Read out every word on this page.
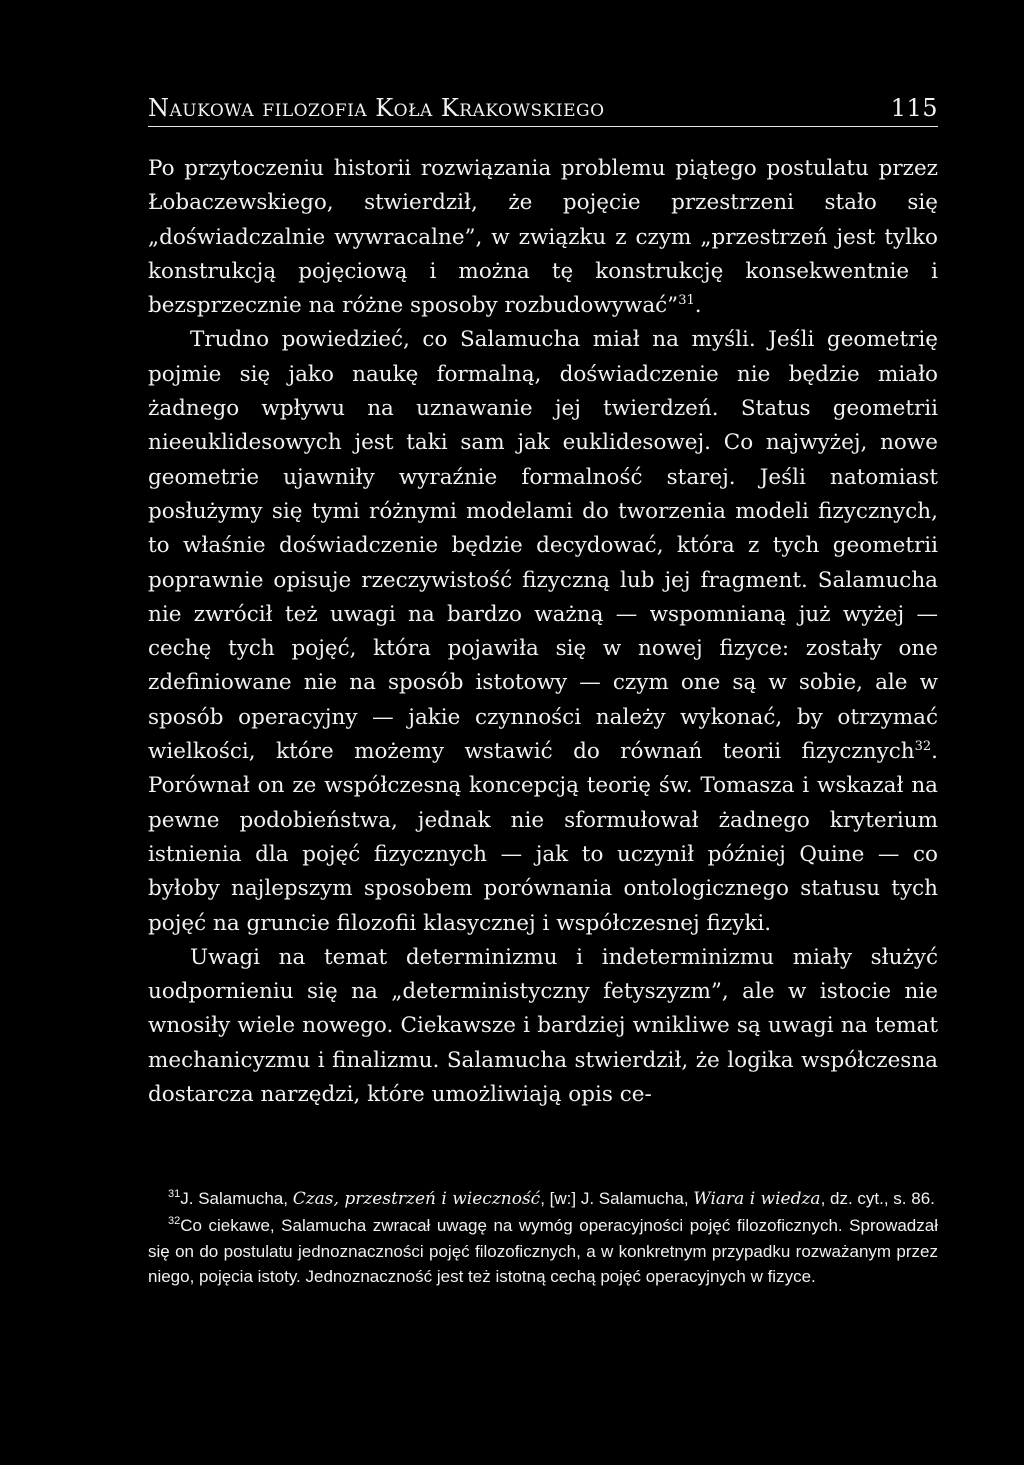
Naukowa filozofia Koła Krakowskiego	115

Po przytoczeniu historii rozwiązania problemu piątego postulatu przez Łobaczewskiego, stwierdził, że pojęcie przestrzeni stało się „doświadczalnie wywracalne”, w związku z czym „przestrzeń jest tylko konstrukcją pojęciową i można tę konstrukcję konsekwentnie i bezsprzecznie na różne sposoby rozbudowywać”$^{31}$.

Trudno powiedzieć, co Salamucha miał na myśli. Jeśli geometrię pojmie się jako naukę formalną, doświadczenie nie będzie miało żadnego wpływu na uznawanie jej twierdzeń. Status geometrii nieeuklidesowych jest taki sam jak euklidesowej. Co najwyżej, nowe geometrie ujawniły wyraźnie formalność starej. Jeśli natomiast posłużymy się tymi różnymi modelami do tworzenia modeli fizycznych, to właśnie doświadczenie będzie decydować, która z tych geometrii poprawnie opisuje rzeczywistość fizyczną lub jej fragment. Salamucha nie zwrócił też uwagi na bardzo ważną — wspomnianą już wyżej — cechę tych pojęć, która pojawiła się w nowej fizyce: zostały one zdefiniowane nie na sposób istotowy — czym one są w sobie, ale w sposób operacyjny — jakie czynności należy wykonać, by otrzymać wielkości, które możemy wstawić do równań teorii fizycznych$^{32}$. Porównał on ze współczesną koncepcją teorię św. Tomasza i wskazał na pewne podobieństwa, jednak nie sformułował żadnego kryterium istnienia dla pojęć fizycznych — jak to uczynił później Quine — co byłoby najlepszym sposobem porównania ontologicznego statusu tych pojęć na gruncie filozofii klasycznej i współczesnej fizyki.

Uwagi na temat determinizmu i indeterminizmu miały służyć uodpornieniu się na „deterministyczny fetyszyzm”, ale w istocie nie wnosiły wiele nowego. Ciekawsze i bardziej wnikliwe są uwagi na temat mechanicyzmu i finalizmu. Salamucha stwierdził, że logika współczesna dostarcza narzędzi, które umożliwiają opis ce-

$^{31}$J. Salamucha, Czas, przestrzeń i wieczność, [w:] J. Salamucha, Wiara i wiedza, dz. cyt., s. 86.

$^{32}$Co ciekawe, Salamucha zwracał uwagę na wymóg operacyjności pojęć filozoficznych. Sprowadzał się on do postulatu jednoznaczności pojęć filozoficznych, a w konkretnym przypadku rozważanym przez niego, pojęcia istoty. Jednoznaczność jest też istotną cechą pojęć operacyjnych w fizyce.
